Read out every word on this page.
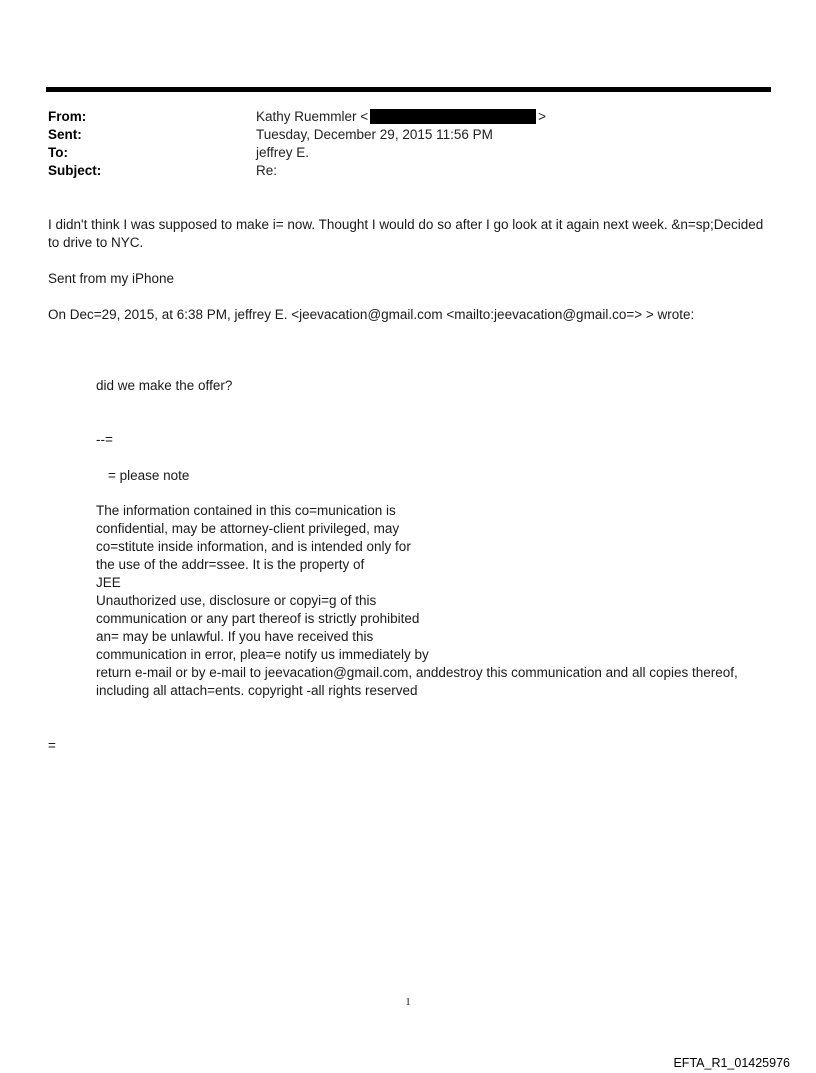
From:	Kathy Ruemmler <	>
Sent:	Tuesday, December 29, 2015 11:56 PM
To:	jeffrey E.
Subject:	Re:
I didn't think I was supposed to make i= now. Thought I would do so after I go look at it again next week. &n=sp;Decided
to drive to NYC.
Sent from my iPhone
On Dec=29, 2015, at 6:38 PM, jeffrey E. <jeevacation@gmail.com <mailto:jeevacation@gmail.co=> > wrote:
did we make the offer?
--=
= please note
The information contained in this co=munication is
confidential, may be attorney-client privileged, may
co=stitute inside information, and is intended only for
the use of the addr=ssee. It is the property of
JEE
Unauthorized use, disclosure or copyi=g of this
communication or any part thereof is strictly prohibited
an= may be unlawful. If you have received this
communication in error, plea=e notify us immediately by
return e-mail or by e-mail to jeevacation@gmail.com, anddestroy this communication and all copies thereof,
including all attach=ents. copyright -all rights reserved
=
1
EFTA_R1_01425976
